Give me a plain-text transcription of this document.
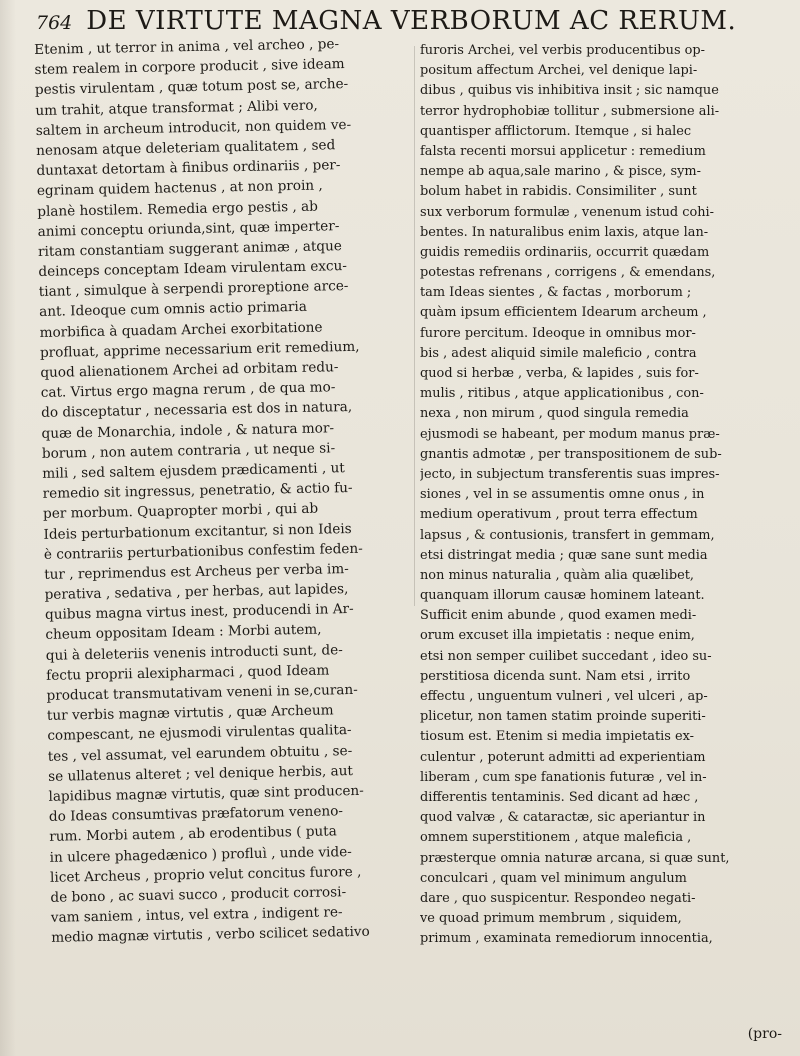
764 DE VIRTUTE MAGNA VERBORUM AC RERUM.
Etenim , ut terror in anima , vel archeo , pe-
stem realem in corpore producit , sive ideam
pestis virulentam , quæ totum post se, arche-
um trahit, atque transformat ; Alibi vero,
saltem in archeum introducit, non quidem ve-
nenosam atque deleteriam qualitatem , sed
duntaxat detortam à finibus ordinariis , per-
egrinam quidem hactenus , at non proin ,
planè hostilem. Remedia ergo pestis , ab
animi conceptu oriunda,sint, quæ imperter-
ritam constantiam suggerant animæ , atque
deinceps conceptam Ideam virulentam excu-
tiant , simulque à serpendi proreptione arce-
ant. Ideoque cum omnis actio primaria
morbifica à quadam Archei exorbitatione
profluat, apprime necessarium erit remedium,
quod alienationem Archei ad orbitam redu-
cat. Virtus ergo magna rerum , de qua mo-
do disceptatur , necessaria est dos in natura,
quæ de Monarchia, indole , & natura mor-
borum , non autem contraria , ut neque si-
mili , sed saltem ejusdem prædicamenti , ut
remedio sit ingressus, penetratio, & actio fu-
per morbum. Quapropter morbi , qui ab
Ideis perturbationum excitantur, si non Ideis
è contrariis perturbationibus confestim feden-
tur , reprimendus est Archeus per verba im-
perativa , sedativa , per herbas, aut lapides,
quibus magna virtus inest, producendi in Ar-
cheum oppositam Ideam : Morbi autem,
qui à deleteriis venenis introducti sunt, de-
fectu proprii alexipharmaci , quod Ideam
producat transmutativam veneni in se,curan-
tur verbis magnæ virtutis , quæ Archeum
compescant, ne ejusmodi virulentas qualita-
tes , vel assumat, vel earundem obtuitu , se-
se ullatenus alteret ; vel denique herbis, aut
lapidibus magnæ virtutis, quæ sint producen-
do Ideas consumtivas præfatorum veneno-
rum. Morbi autem , ab erodentibus ( puta
in ulcere phagedænico ) profluì , unde vide-
licet Archeus , proprio velut concitus furore ,
de bono , ac suavi succo , producit corrosi-
vam saniem , intus, vel extra , indigent re-
medio magnæ virtutis , verbo scilicet sedativo
furoris Archei, vel verbis producentibus op-
positum affectum Archei, vel denique lapi-
dibus , quibus vis inhibitiva insit ; sic namque
terror hydrophobiæ tollitur , submersione ali-
quantisper afflictorum. Itemque , si halec
falsta recenti morsui applicetur : remedium
nempe ab aqua,sale marino , & pisce, sym-
bolum habet in rabidis. Consimiliter , sunt
sux verborum formulæ , venenum istud cohi-
bentes. In naturalibus enim laxis, atque lan-
guidis remediis ordinariis, occurrit quædam
potestas refrenans , corrigens , & emendans,
tam Ideas sientes , & factas , morborum ;
quàm ipsum efficientem Idearum archeum ,
furore percitum. Ideoque in omnibus mor-
bis , adest aliquid simile maleficio , contra
quod si herbæ , verba, & lapides , suis for-
mulis , ritibus , atque applicationibus , con-
nexa , non mirum , quod singula remedia
ejusmodi se habeant, per modum manus præ-
gnantis admotæ , per transpositionem de sub-
jecto, in subjectum transferentis suas impres-
siones , vel in se assumentis omne onus , in
medium operativum , prout terra effectum
lapsus , & contusionis, transfert in gemmam,
etsi distringat media ; quæ sane sunt media
non minus naturalia , quàm alia quælibet,
quanquam illorum causæ hominem lateant.
Sufficit enim abunde , quod examen medi-
orum excuset illa impietatis : neque enim,
etsi non semper cuilibet succedant , ideo su-
perstitiosa dicenda sunt. Nam etsi , irrito
effectu , unguentum vulneri , vel ulceri , ap-
plicetur, non tamen statim proinde superiti-
tiosum est. Etenim si media impietatis ex-
culentur , poterunt admitti ad experientiam
liberam , cum spe fanationis futuræ , vel in-
differentis tentaminis. Sed dicant ad hæc ,
quod valvæ , & cataractæ, sic aperiantur in
omnem superstitionem , atque maleficia ,
præsterque omnia naturæ arcana, si quæ sunt,
conculcari , quam vel minimum angulum
dare , quo suspicentur. Respondeo negati-
ve quoad primum membrum , siquidem,
primum , examinata remediorum innocentia,
(pro-
